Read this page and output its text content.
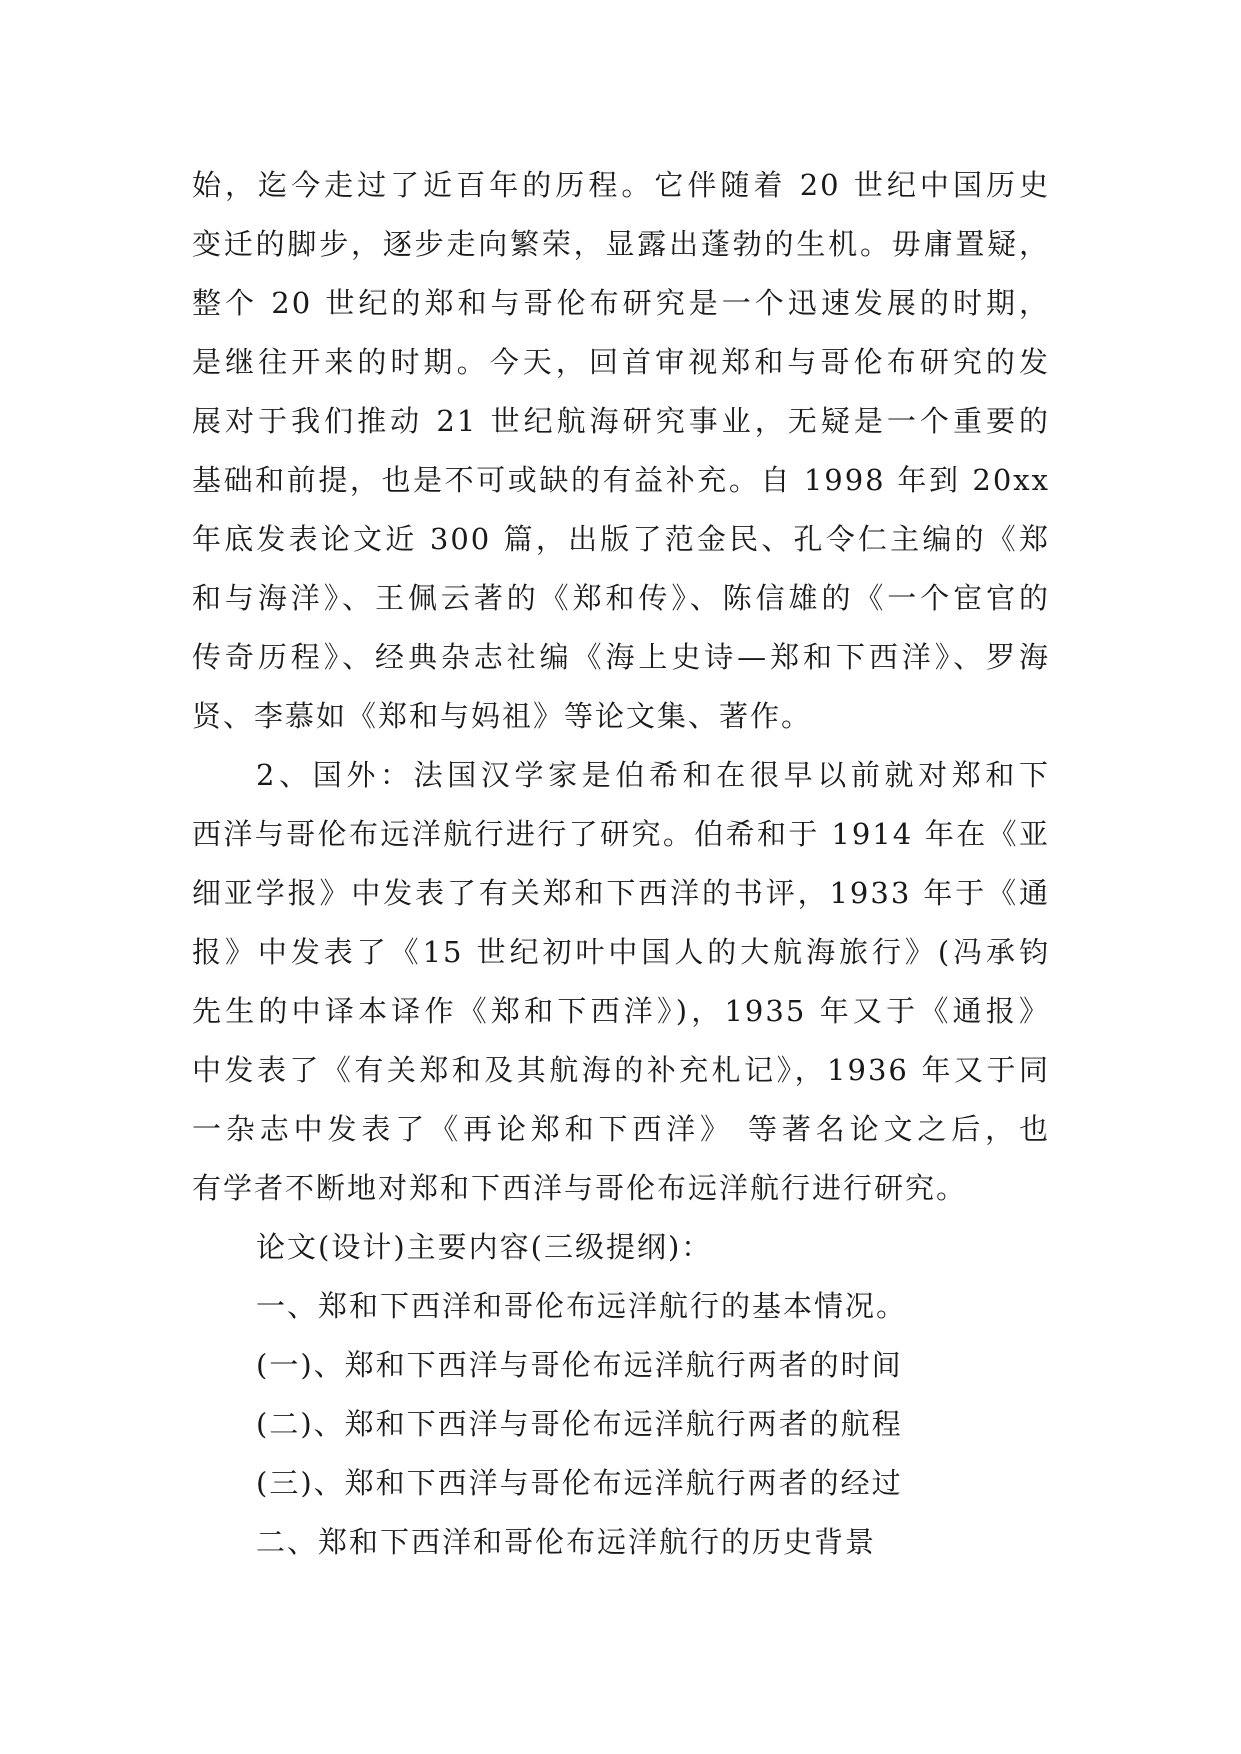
始，迄今走过了近百年的历程。它伴随着 20 世纪中国历史
变迁的脚步，逐步走向繁荣，显露出蓬勃的生机。毋庸置疑，
整个 20 世纪的郑和与哥伦布研究是一个迅速发展的时期，
是继往开来的时期。今天，回首审视郑和与哥伦布研究的发
展对于我们推动 21 世纪航海研究事业，无疑是一个重要的
基础和前提，也是不可或缺的有益补充。自 1998 年到 20xx
年底发表论文近 300 篇，出版了范金民、孔令仁主编的《郑
和与海洋》、王佩云著的《郑和传》、陈信雄的《一个宦官的
传奇历程》、经典杂志社编《海上史诗—郑和下西洋》、罗海
贤、李慕如《郑和与妈祖》等论文集、著作。
2、国外：法国汉学家是伯希和在很早以前就对郑和下
西洋与哥伦布远洋航行进行了研究。伯希和于 1914 年在《亚
细亚学报》中发表了有关郑和下西洋的书评，1933 年于《通
报》中发表了《15 世纪初叶中国人的大航海旅行》(冯承钧
先生的中译本译作《郑和下西洋》)，1935 年又于《通报》
中发表了《有关郑和及其航海的补充札记》，1936 年又于同
一杂志中发表了《再论郑和下西洋》 等著名论文之后，也
有学者不断地对郑和下西洋与哥伦布远洋航行进行研究。
论文(设计)主要内容(三级提纲)：
一、郑和下西洋和哥伦布远洋航行的基本情况。
(一)、郑和下西洋与哥伦布远洋航行两者的时间
(二)、郑和下西洋与哥伦布远洋航行两者的航程
(三)、郑和下西洋与哥伦布远洋航行两者的经过
二、郑和下西洋和哥伦布远洋航行的历史背景
